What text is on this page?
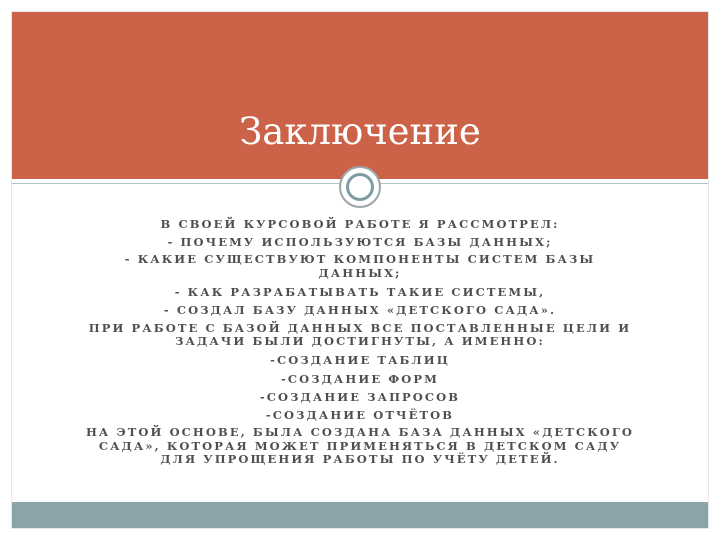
Заключение
В СВОЕЙ КУРСОВОЙ РАБОТЕ Я РАССМОТРЕЛ:
- ПОЧЕМУ ИСПОЛЬЗУЮТСЯ БАЗЫ ДАННЫХ;
- КАКИЕ СУЩЕСТВУЮТ КОМПОНЕНТЫ СИСТЕМ БАЗЫ
ДАННЫХ;
- КАК РАЗРАБАТЫВАТЬ ТАКИЕ СИСТЕМЫ,
- СОЗДАЛ БАЗУ ДАННЫХ «ДЕТСКОГО САДА».
ПРИ РАБОТЕ С БАЗОЙ ДАННЫХ ВСЕ ПОСТАВЛЕННЫЕ ЦЕЛИ И
ЗАДАЧИ БЫЛИ ДОСТИГНУТЫ, А ИМЕННО:
-СОЗДАНИЕ ТАБЛИЦ
-СОЗДАНИЕ ФОРМ
-СОЗДАНИЕ ЗАПРОСОВ
-СОЗДАНИЕ ОТЧЁТОВ
НА ЭТОЙ ОСНОВЕ, БЫЛА СОЗДАНА БАЗА ДАННЫХ «ДЕТСКОГО
САДА», КОТОРАЯ МОЖЕТ ПРИМЕНЯТЬСЯ В ДЕТСКОМ САДУ
ДЛЯ УПРОЩЕНИЯ РАБОТЫ ПО УЧЁТУ ДЕТЕЙ.
